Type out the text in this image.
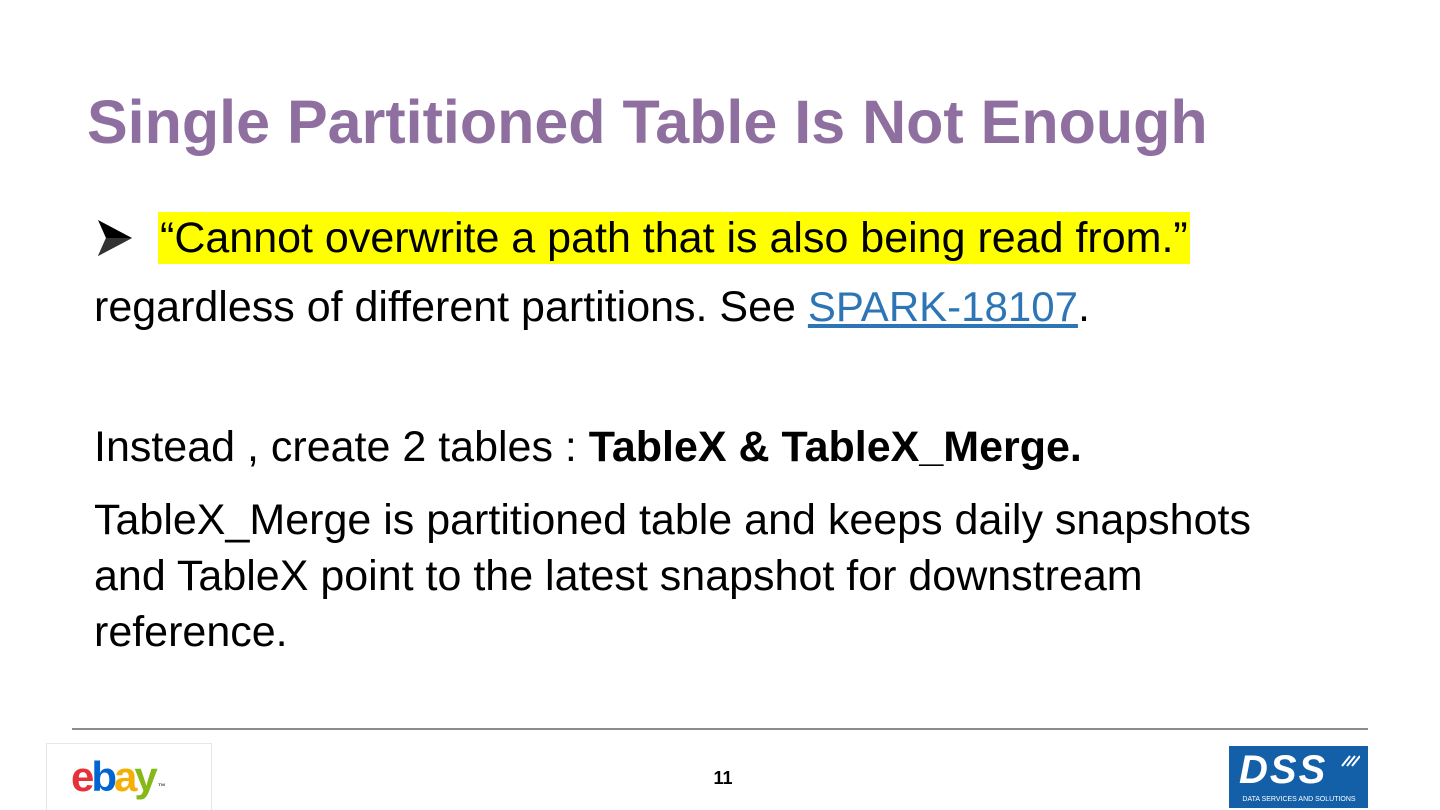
Single Partitioned Table Is Not Enough
“Cannot overwrite a path that is also being read from.”
regardless of different partitions. See SPARK-18107.
Instead , create 2 tables : TableX & TableX_Merge.

TableX_Merge is partitioned table and keeps daily snapshots and TableX point to the latest snapshot for downstream reference.

ebay ™	11	DSS
DATA SERVICES AND SOLUTIONS
